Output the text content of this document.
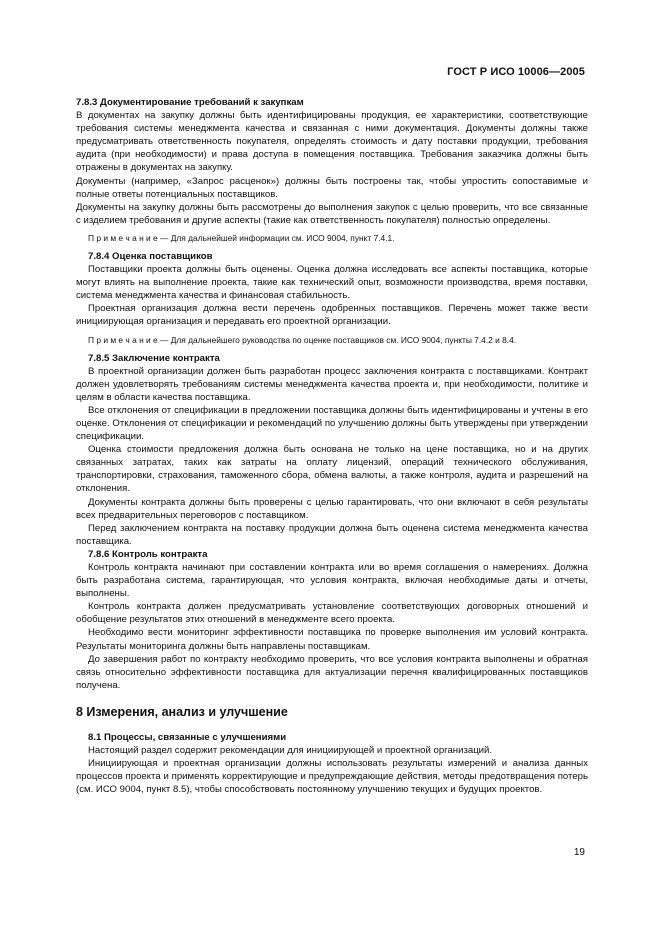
ГОСТ Р ИСО 10006—2005
7.8.3 Документирование требований к закупкам
В документах на закупку должны быть идентифицированы продукция, ее характеристики, соответствующие требования системы менеджмента качества и связанная с ними документация. Документы должны также предусматривать ответственность покупателя, определять стоимость и дату поставки продукции, требования аудита (при необходимости) и права доступа в помещения поставщика. Требования заказчика должны быть отражены в документах на закупку.
Документы (например, «Запрос расценок») должны быть построены так, чтобы упростить сопоставимые и полные ответы потенциальных поставщиков.
Документы на закупку должны быть рассмотрены до выполнения закупок с целью проверить, что все связанные с изделием требования и другие аспекты (такие как ответственность покупателя) полностью определены.
П р и м е ч а н и е — Для дальнейшей информации см. ИСО 9004, пункт 7.4.1.
7.8.4 Оценка поставщиков
Поставщики проекта должны быть оценены. Оценка должна исследовать все аспекты поставщика, которые могут влиять на выполнение проекта, такие как технический опыт, возможности производства, время поставки, система менеджмента качества и финансовая стабильность.
Проектная организация должна вести перечень одобренных поставщиков. Перечень может также вести инициирующая организация и передавать его проектной организации.
П р и м е ч а н и е — Для дальнейшего руководства по оценке поставщиков см. ИСО 9004, пункты 7.4.2 и 8.4.
7.8.5 Заключение контракта
В проектной организации должен быть разработан процесс заключения контракта с поставщиками. Контракт должен удовлетворять требованиям системы менеджмента качества проекта и, при необходимости, политике и целям в области качества поставщика.
Все отклонения от спецификации в предложении поставщика должны быть идентифицированы и учтены в его оценке. Отклонения от спецификации и рекомендаций по улучшению должны быть утверждены при утверждении спецификации.
Оценка стоимости предложения должна быть основана не только на цене поставщика, но и на других связанных затратах, таких как затраты на оплату лицензий, операций технического обслуживания, транспортировки, страхования, таможенного сбора, обмена валюты, а также контроля, аудита и разрешений на отклонения.
Документы контракта должны быть проверены с целью гарантировать, что они включают в себя результаты всех предварительных переговоров с поставщиком.
Перед заключением контракта на поставку продукции должна быть оценена система менеджмента качества поставщика.
7.8.6 Контроль контракта
Контроль контракта начинают при составлении контракта или во время соглашения о намерениях. Должна быть разработана система, гарантирующая, что условия контракта, включая необходимые даты и отчеты, выполнены.
Контроль контракта должен предусматривать установление соответствующих договорных отношений и обобщение результатов этих отношений в менеджменте всего проекта.
Необходимо вести мониторинг эффективности поставщика по проверке выполнения им условий контракта. Результаты мониторинга должны быть направлены поставщикам.
До завершения работ по контракту необходимо проверить, что все условия контракта выполнены и обратная связь относительно эффективности поставщика для актуализации перечня квалифицированных поставщиков получена.
8 Измерения, анализ и улучшение
8.1 Процессы, связанные с улучшениями
Настоящий раздел содержит рекомендации для инициирующей и проектной организаций.
Инициирующая и проектная организации должны использовать результаты измерений и анализа данных процессов проекта и применять корректирующие и предупреждающие действия, методы предотвращения потерь (см. ИСО 9004, пункт 8.5), чтобы способствовать постоянному улучшению текущих и будущих проектов.
19
